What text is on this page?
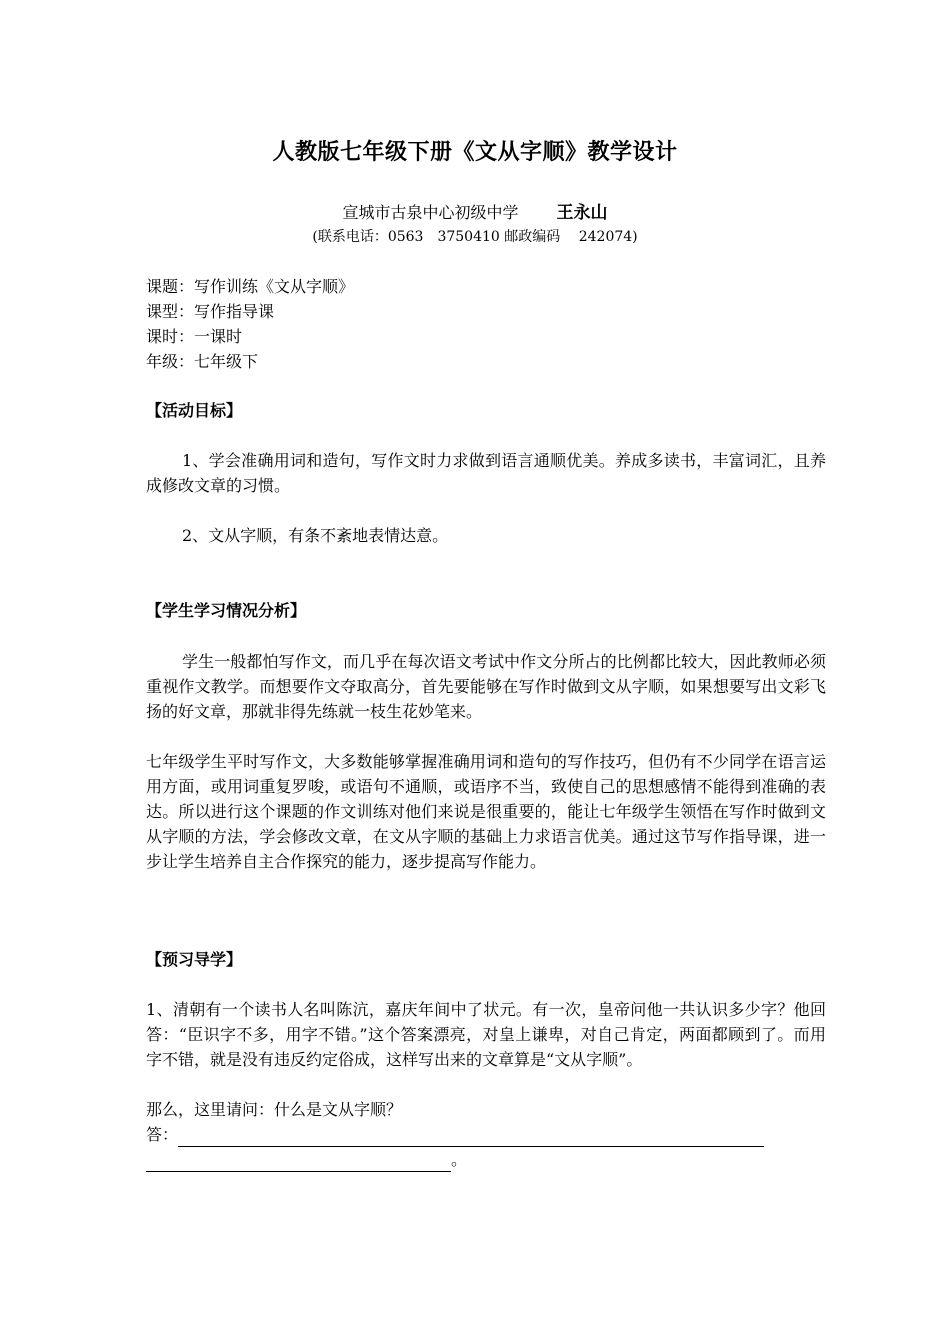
人教版七年级下册《文从字顺》教学设计
宣城市古泉中心初级中学 王永山
(联系电话：0563　3750410 邮政编码　 242074)

课题：写作训练《文从字顺》

课型：写作指导课

课时：一课时

年级：七年级下

【活动目标】

1、学会准确用词和造句，写作文时力求做到语言通顺优美。养成多读书，丰富词汇，且养成修改文章的习惯。

2、文从字顺，有条不紊地表情达意。

【学生学习情况分析】

学生一般都怕写作文，而几乎在每次语文考试中作文分所占的比例都比较大，因此教师必须重视作文教学。而想要作文夺取高分，首先要能够在写作时做到文从字顺，如果想要写出文彩飞扬的好文章，那就非得先练就一枝生花妙笔来。

七年级学生平时写作文，大多数能够掌握准确用词和造句的写作技巧，但仍有不少同学在语言运用方面，或用词重复罗唆，或语句不通顺，或语序不当，致使自己的思想感情不能得到准确的表达。所以进行这个课题的作文训练对他们来说是很重要的，能让七年级学生领悟在写作时做到文从字顺的方法，学会修改文章，在文从字顺的基础上力求语言优美。通过这节写作指导课，进一步让学生培养自主合作探究的能力，逐步提高写作能力。

【预习导学】

1、清朝有一个读书人名叫陈沆，嘉庆年间中了状元。有一次，皇帝问他一共认识多少字？他回答：“臣识字不多，用字不错。”这个答案漂亮，对皇上谦卑，对自己肯定，两面都顾到了。而用字不错，就是没有违反约定俗成，这样写出来的文章算是“文从字顺”。

那么，这里请问：什么是文从字顺？

答：
。
